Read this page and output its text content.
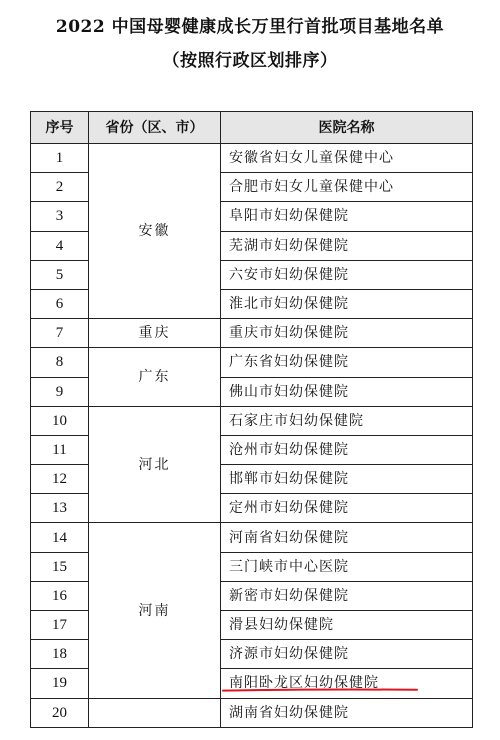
2022 中国母婴健康成长万里行首批项目基地名单
（按照行政区划排序）
序号	省份（区、市）	医院名称
1	安徽	安徽省妇女儿童保健中心
2		合肥市妇女儿童保健中心
3		阜阳市妇幼保健院
4		芜湖市妇幼保健院
5		六安市妇幼保健院
6		淮北市妇幼保健院
7	重庆	重庆市妇幼保健院
8	广东	广东省妇幼保健院
9		佛山市妇幼保健院
10	河北	石家庄市妇幼保健院
11		沧州市妇幼保健院
12		邯郸市妇幼保健院
13		定州市妇幼保健院
14	河南	河南省妇幼保健院
15		三门峡市中心医院
16		新密市妇幼保健院
17		滑县妇幼保健院
18		济源市妇幼保健院
19		南阳卧龙区妇幼保健院
20		湖南省妇幼保健院
